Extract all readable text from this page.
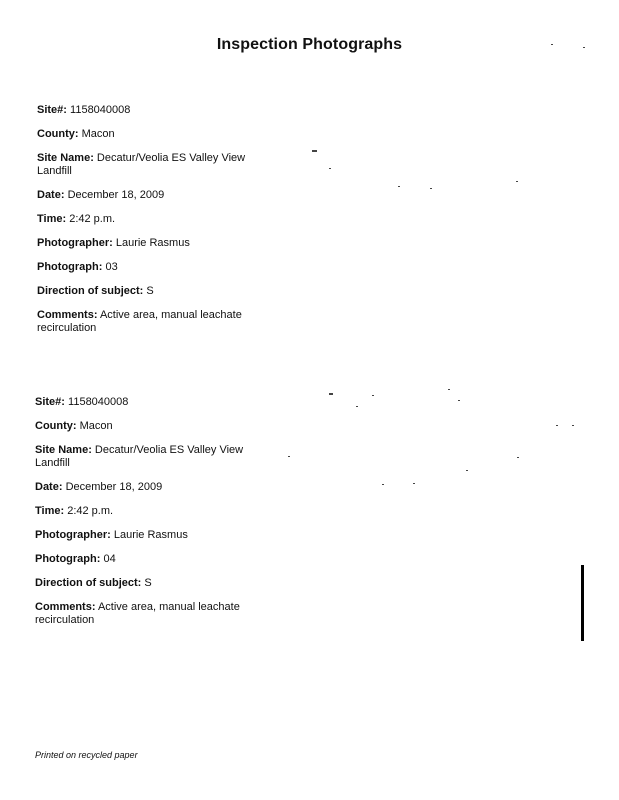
Inspection Photographs
Site#: 1158040008
County: Macon
Site Name: Decatur/Veolia ES Valley View Landfill
Date: December 18, 2009
Time: 2:42 p.m.
Photographer: Laurie Rasmus
Photograph: 03
Direction of subject: S
Comments: Active area, manual leachate recirculation
Site#: 1158040008
County: Macon
Site Name: Decatur/Veolia ES Valley View Landfill
Date: December 18, 2009
Time: 2:42 p.m.
Photographer: Laurie Rasmus
Photograph: 04
Direction of subject: S
Comments: Active area, manual leachate recirculation
Printed on recycled paper
